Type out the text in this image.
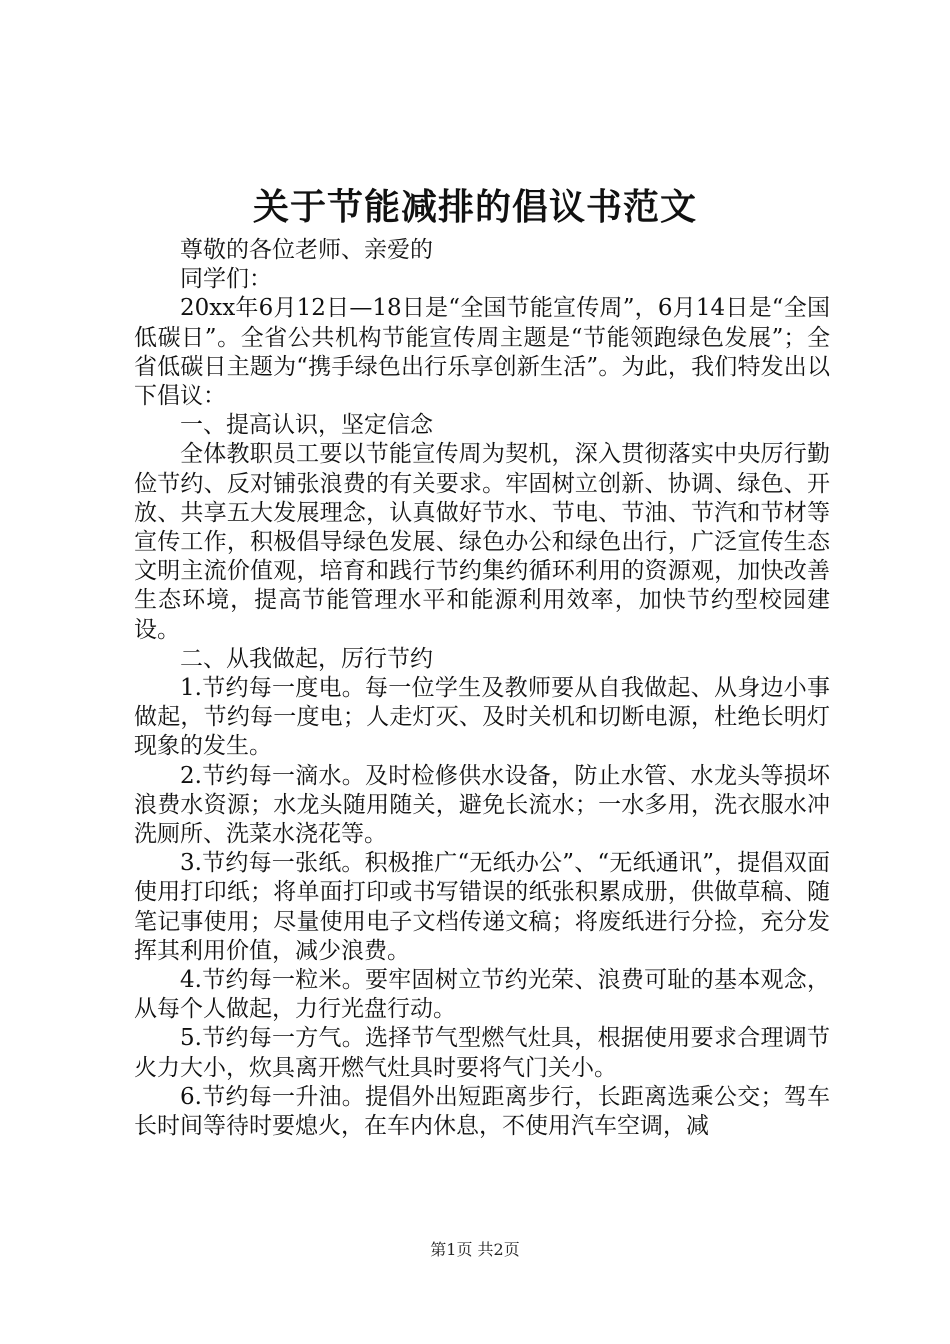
关于节能减排的倡议书范文

尊敬的各位老师、亲爱的

同学们：

20xx年6月12日—18日是“全国节能宣传周”，6月14日是“全国低碳日”。全省公共机构节能宣传周主题是“节能领跑绿色发展”；全省低碳日主题为“携手绿色出行乐享创新生活”。为此，我们特发出以下倡议：

一、提高认识，坚定信念

全体教职员工要以节能宣传周为契机，深入贯彻落实中央厉行勤俭节约、反对铺张浪费的有关要求。牢固树立创新、协调、绿色、开放、共享五大发展理念，认真做好节水、节电、节油、节汽和节材等宣传工作，积极倡导绿色发展、绿色办公和绿色出行，广泛宣传生态文明主流价值观，培育和践行节约集约循环利用的资源观，加快改善生态环境，提高节能管理水平和能源利用效率，加快节约型校园建设。

二、从我做起，厉行节约

1.节约每一度电。每一位学生及教师要从自我做起、从身边小事做起，节约每一度电；人走灯灭、及时关机和切断电源，杜绝长明灯现象的发生。

2.节约每一滴水。及时检修供水设备，防止水管、水龙头等损坏浪费水资源；水龙头随用随关，避免长流水；一水多用，洗衣服水冲洗厕所、洗菜水浇花等。

3.节约每一张纸。积极推广“无纸办公”、“无纸通讯”，提倡双面使用打印纸；将单面打印或书写错误的纸张积累成册，供做草稿、随笔记事使用；尽量使用电子文档传递文稿；将废纸进行分捡，充分发挥其利用价值，减少浪费。

4.节约每一粒米。要牢固树立节约光荣、浪费可耻的基本观念，从每个人做起，力行光盘行动。

5.节约每一方气。选择节气型燃气灶具，根据使用要求合理调节火力大小，炊具离开燃气灶具时要将气门关小。

6.节约每一升油。提倡外出短距离步行，长距离选乘公交；驾车长时间等待时要熄火，在车内休息，不使用汽车空调，减

第1页 共2页
